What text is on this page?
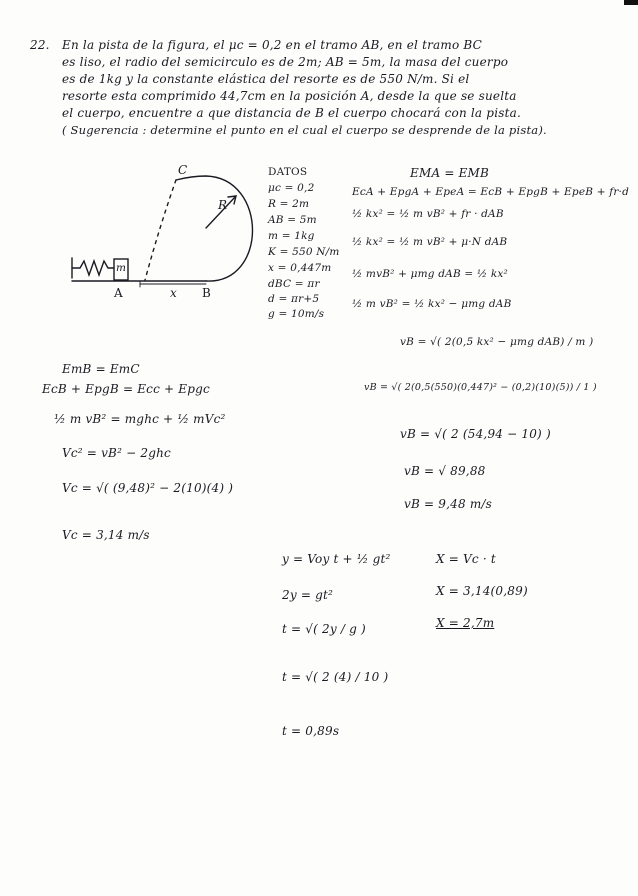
22. En la pista de la figura, el μc = 0,2 en el tramo AB, en el tramo BC
es liso, el radio del semicirculo es de 2m; AB = 5m, la masa del cuerpo
es de 1kg y la constante elástica del resorte es de 550 N/m. Si el
resorte esta comprimido 44,7cm en la posición A, desde la que se suelta
el cuerpo, encuentre a que distancia de B el cuerpo chocará con la pista.
( Sugerencia : determine el punto en el cual el cuerpo se desprende de la pista).
C
R
m
A	x B
DATOS
μc = 0,2
R = 2m
AB = 5m
m = 1kg
K = 550 N/m
x = 0,447m
dBC = πr
d = πr+5
g = 10m/s
EMA = EMB
EcA + EpgA + EpeA = EcB + EpgB + EpeB + fr·d
½ kx² = ½ m vB² + fr · dAB
½ kx² = ½ m vB² + μ·N dAB
½ mvB² + μmg dAB = ½ kx²
½ m vB² = ½ kx² − μmg dAB
vB = √( 2(0,5 kx² − μmg dAB) / m )
vB = √( 2(0,5(550)(0,447)² − (0,2)(10)(5)) / 1 )
vB = √( 2 (54,94 − 10) )
vB = √ 89,88
vB = 9,48 m/s
EmB = EmC
EcB + EpgB = Ecc + Epgc
½ m vB² = mghc + ½ mVc²
Vc² = vB² − 2ghc
Vc = √( (9,48)² − 2(10)(4) )
Vc = 3,14 m/s
y = Voy t + ½ gt²
2y = gt²
t = √( 2y / g )
t = √( 2 (4) / 10 )
t = 0,89s
X = Vc · t
X = 3,14(0,89)
X = 2,7m
